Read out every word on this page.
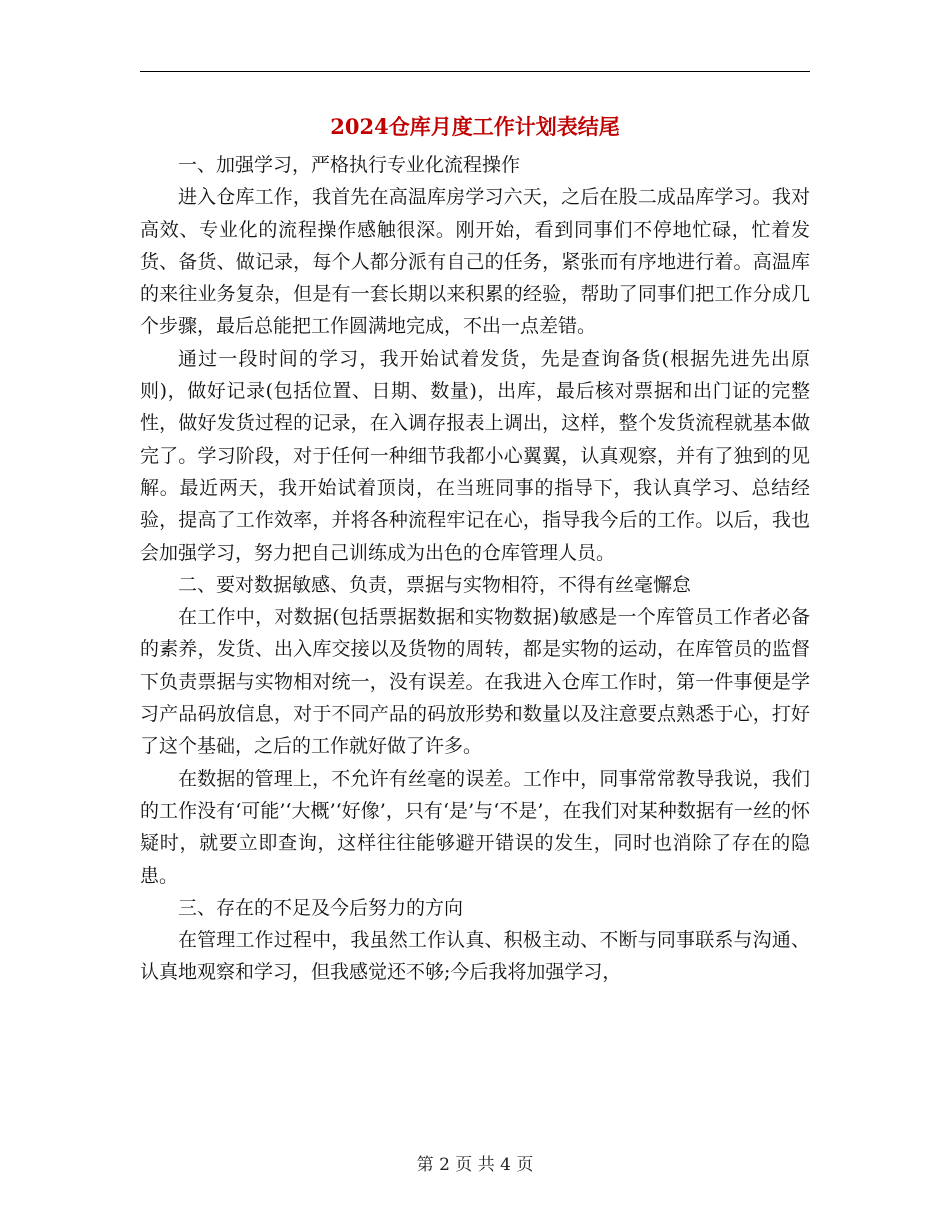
2024仓库月度工作计划表结尾

一、加强学习，严格执行专业化流程操作

进入仓库工作，我首先在高温库房学习六天，之后在股二成品库学习。我对高效、专业化的流程操作感触很深。刚开始，看到同事们不停地忙碌，忙着发货、备货、做记录，每个人都分派有自己的任务，紧张而有序地进行着。高温库的来往业务复杂，但是有一套长期以来积累的经验，帮助了同事们把工作分成几个步骤，最后总能把工作圆满地完成，不出一点差错。

通过一段时间的学习，我开始试着发货，先是查询备货(根据先进先出原则)，做好记录(包括位置、日期、数量)，出库，最后核对票据和出门证的完整性，做好发货过程的记录，在入调存报表上调出，这样，整个发货流程就基本做完了。学习阶段，对于任何一种细节我都小心翼翼，认真观察，并有了独到的见解。最近两天，我开始试着顶岗，在当班同事的指导下，我认真学习、总结经验，提高了工作效率，并将各种流程牢记在心，指导我今后的工作。以后，我也会加强学习，努力把自己训练成为出色的仓库管理人员。

二、要对数据敏感、负责，票据与实物相符，不得有丝毫懈怠

在工作中，对数据(包括票据数据和实物数据)敏感是一个库管员工作者必备的素养，发货、出入库交接以及货物的周转，都是实物的运动，在库管员的监督下负责票据与实物相对统一，没有误差。在我进入仓库工作时，第一件事便是学习产品码放信息，对于不同产品的码放形势和数量以及注意要点熟悉于心，打好了这个基础，之后的工作就好做了许多。

在数据的管理上，不允许有丝毫的误差。工作中，同事常常教导我说，我们的工作没有‘可能’‘大概’‘好像’，只有‘是’与‘不是’，在我们对某种数据有一丝的怀疑时，就要立即查询，这样往往能够避开错误的发生，同时也消除了存在的隐患。

三、存在的不足及今后努力的方向

在管理工作过程中，我虽然工作认真、积极主动、不断与同事联系与沟通、认真地观察和学习，但我感觉还不够;今后我将加强学习，

第 2 页 共 4 页
